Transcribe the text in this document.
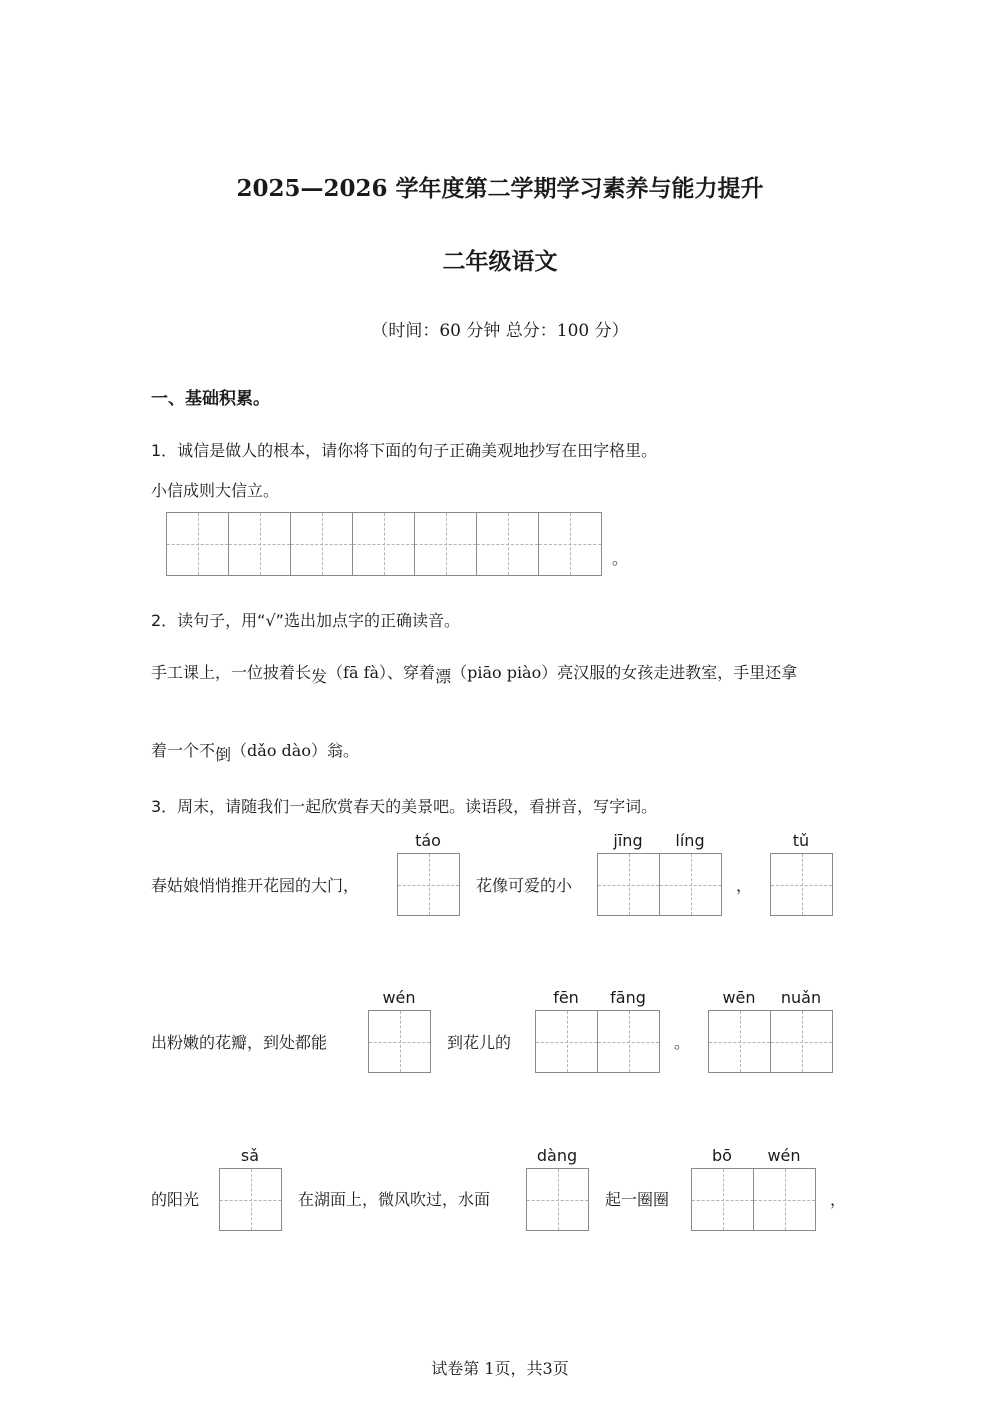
2025—2026 学年度第二学期学习素养与能力提升
二年级语文
（时间：60 分钟 总分：100 分）
一、基础积累。
1．诚信是做人的根本，请你将下面的句子正确美观地抄写在田字格里。
小信成则大信立。
。
2．读句子，用“√”选出加点字的正确读音。
手工课上，一位披着长发（fā fà）、穿着漂（piāo piào）亮汉服的女孩走进教室，手里还拿
着一个不倒（dǎo dào）翁。
3．周末，请随我们一起欣赏春天的美景吧。读语段，看拼音，写字词。
春姑娘悄悄推开花园的大门，
táo
花像可爱的小
jīng	líng
，
tǔ
出粉嫩的花瓣，到处都能
wén
到花儿的
fēn	fāng
。
wēn	nuǎn
的阳光
sǎ
在湖面上，微风吹过，水面
dàng
起一圈圈
bō	wén
，
试卷第 1页，共3页
